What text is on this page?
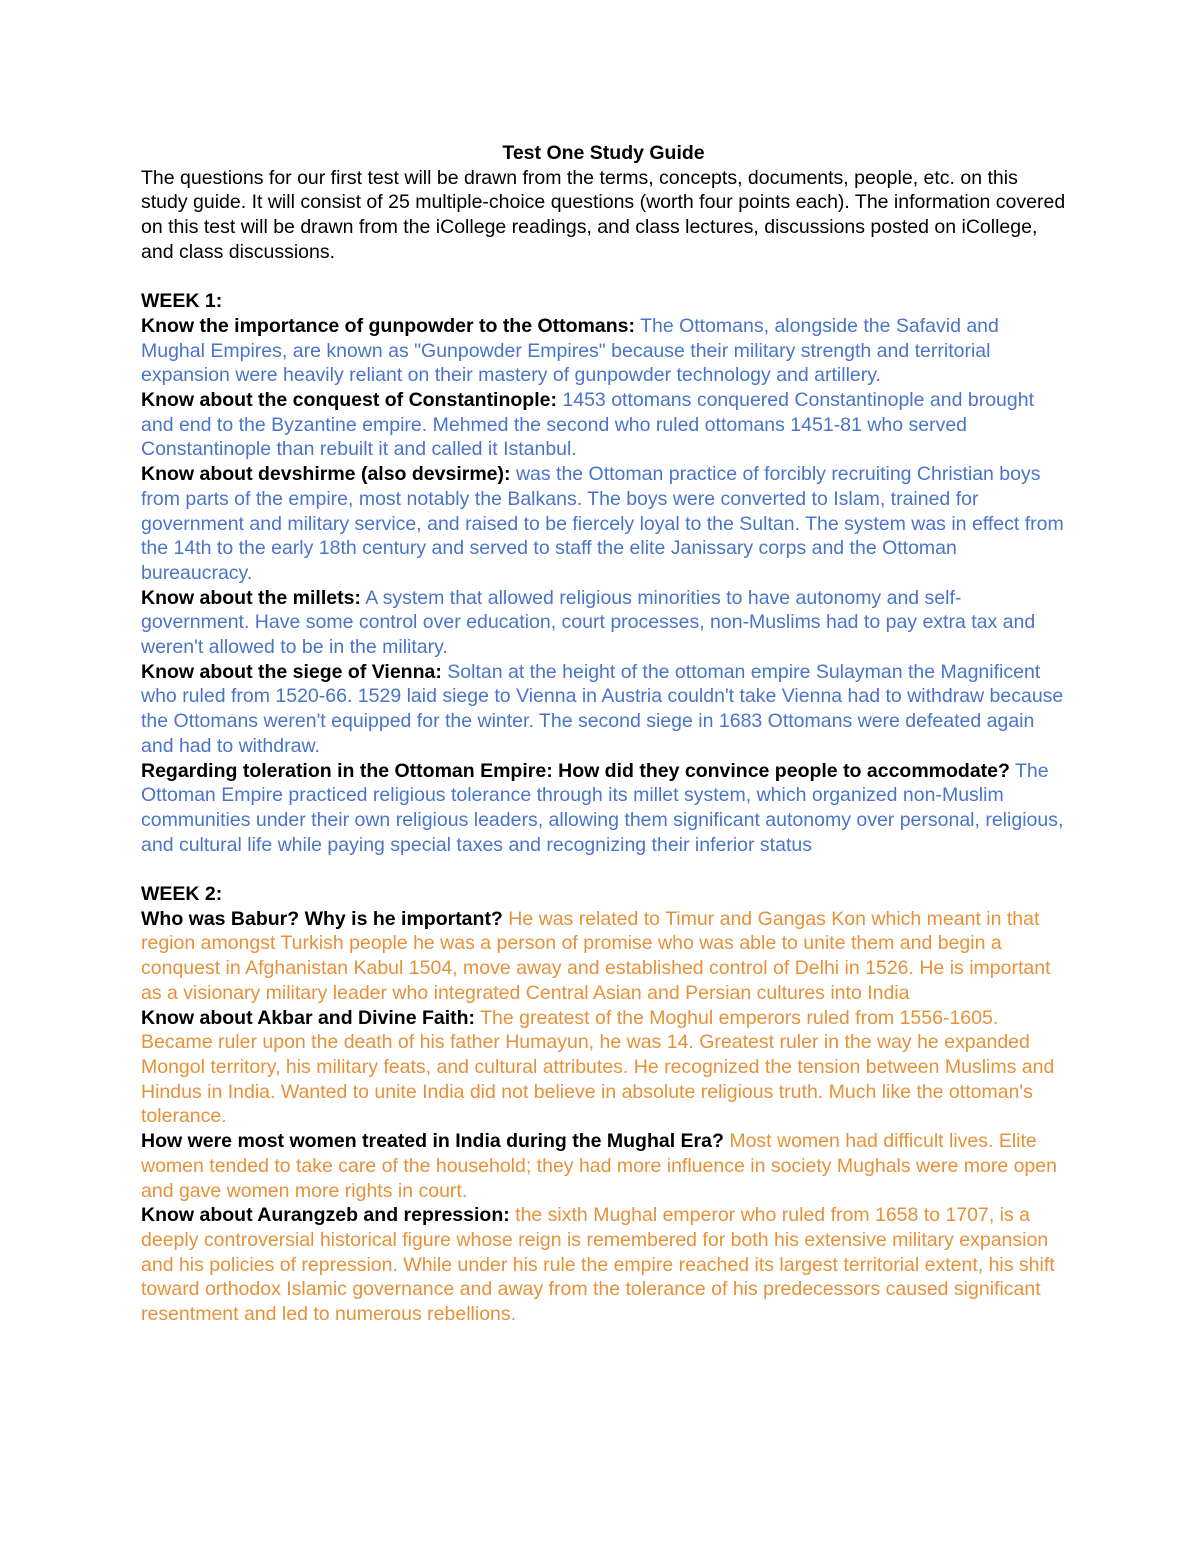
Test One Study Guide

The questions for our first test will be drawn from the terms, concepts, documents, people, etc. on this study guide. It will consist of 25 multiple-choice questions (worth four points each). The information covered on this test will be drawn from the iCollege readings, and class lectures, discussions posted on iCollege, and class discussions.

WEEK 1:

Know the importance of gunpowder to the Ottomans: The Ottomans, alongside the Safavid and Mughal Empires, are known as "Gunpowder Empires" because their military strength and territorial expansion were heavily reliant on their mastery of gunpowder technology and artillery.

Know about the conquest of Constantinople: 1453 ottomans conquered Constantinople and brought and end to the Byzantine empire. Mehmed the second who ruled ottomans 1451-81 who served Constantinople than rebuilt it and called it Istanbul.

Know about devshirme (also devsirme): was the Ottoman practice of forcibly recruiting Christian boys from parts of the empire, most notably the Balkans. The boys were converted to Islam, trained for government and military service, and raised to be fiercely loyal to the Sultan. The system was in effect from the 14th to the early 18th century and served to staff the elite Janissary corps and the Ottoman bureaucracy.

Know about the millets: A system that allowed religious minorities to have autonomy and self-government. Have some control over education, court processes, non-Muslims had to pay extra tax and weren't allowed to be in the military.

Know about the siege of Vienna: Soltan at the height of the ottoman empire Sulayman the Magnificent who ruled from 1520-66. 1529 laid siege to Vienna in Austria couldn't take Vienna had to withdraw because the Ottomans weren't equipped for the winter. The second siege in 1683 Ottomans were defeated again and had to withdraw.

Regarding toleration in the Ottoman Empire: How did they convince people to accommodate? The Ottoman Empire practiced religious tolerance through its millet system, which organized non-Muslim communities under their own religious leaders, allowing them significant autonomy over personal, religious, and cultural life while paying special taxes and recognizing their inferior status

WEEK 2:

Who was Babur? Why is he important? He was related to Timur and Gangas Kon which meant in that region amongst Turkish people he was a person of promise who was able to unite them and begin a conquest in Afghanistan Kabul 1504, move away and established control of Delhi in 1526. He is important as a visionary military leader who integrated Central Asian and Persian cultures into India

Know about Akbar and Divine Faith: The greatest of the Moghul emperors ruled from 1556-1605. Became ruler upon the death of his father Humayun, he was 14. Greatest ruler in the way he expanded Mongol territory, his military feats, and cultural attributes. He recognized the tension between Muslims and Hindus in India. Wanted to unite India did not believe in absolute religious truth. Much like the ottoman's tolerance.

How were most women treated in India during the Mughal Era? Most women had difficult lives. Elite women tended to take care of the household; they had more influence in society Mughals were more open and gave women more rights in court.

Know about Aurangzeb and repression: the sixth Mughal emperor who ruled from 1658 to 1707, is a deeply controversial historical figure whose reign is remembered for both his extensive military expansion and his policies of repression. While under his rule the empire reached its largest territorial extent, his shift toward orthodox Islamic governance and away from the tolerance of his predecessors caused significant resentment and led to numerous rebellions.
